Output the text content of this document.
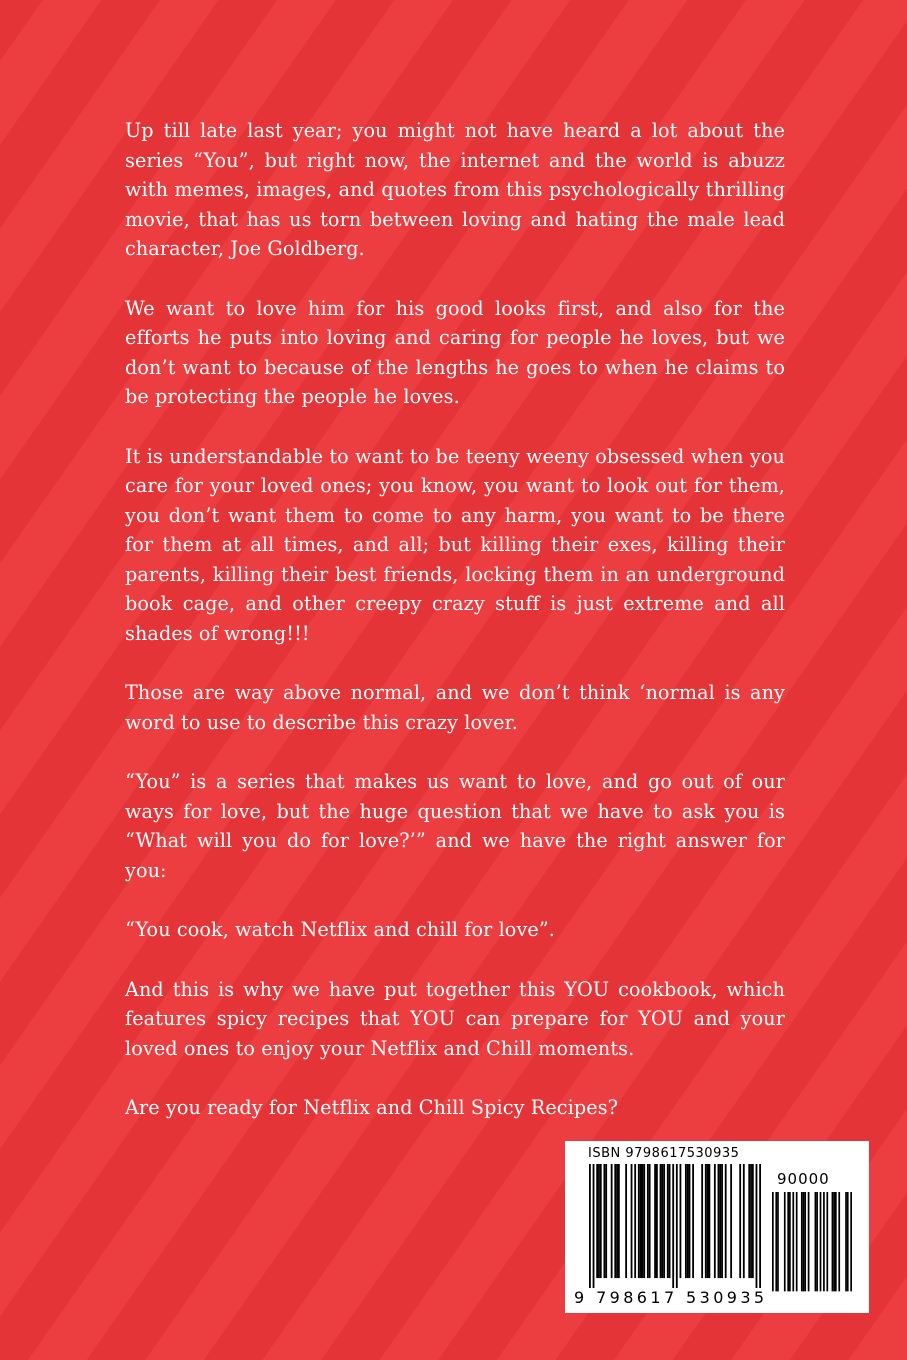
Up till late last year; you might not have heard a lot about the series “You”, but right now, the internet and the world is abuzz with memes, images, and quotes from this psychologically thrilling movie, that has us torn between loving and hating the male lead character, Joe Goldberg.

We want to love him for his good looks first, and also for the efforts he puts into loving and caring for people he loves, but we don’t want to because of the lengths he goes to when he claims to be protecting the people he loves.

It is understandable to want to be teeny weeny obsessed when you care for your loved ones; you know, you want to look out for them, you don’t want them to come to any harm, you want to be there for them at all times, and all; but killing their exes, killing their parents, killing their best friends, locking them in an underground book cage, and other creepy crazy stuff is just extreme and all shades of wrong!!!

Those are way above normal, and we don’t think ‘normal is any word to use to describe this crazy lover.

“You” is a series that makes us want to love, and go out of our ways for love, but the huge question that we have to ask you is “What will you do for love?’” and we have the right answer for you:

“You cook, watch Netflix and chill for love”.

And this is why we have put together this YOU cookbook, which features spicy recipes that YOU can prepare for YOU and your loved ones to enjoy your Netflix and Chill moments.

Are you ready for Netflix and Chill Spicy Recipes?

ISBN 9798617530935
90000
9 798617 530935
